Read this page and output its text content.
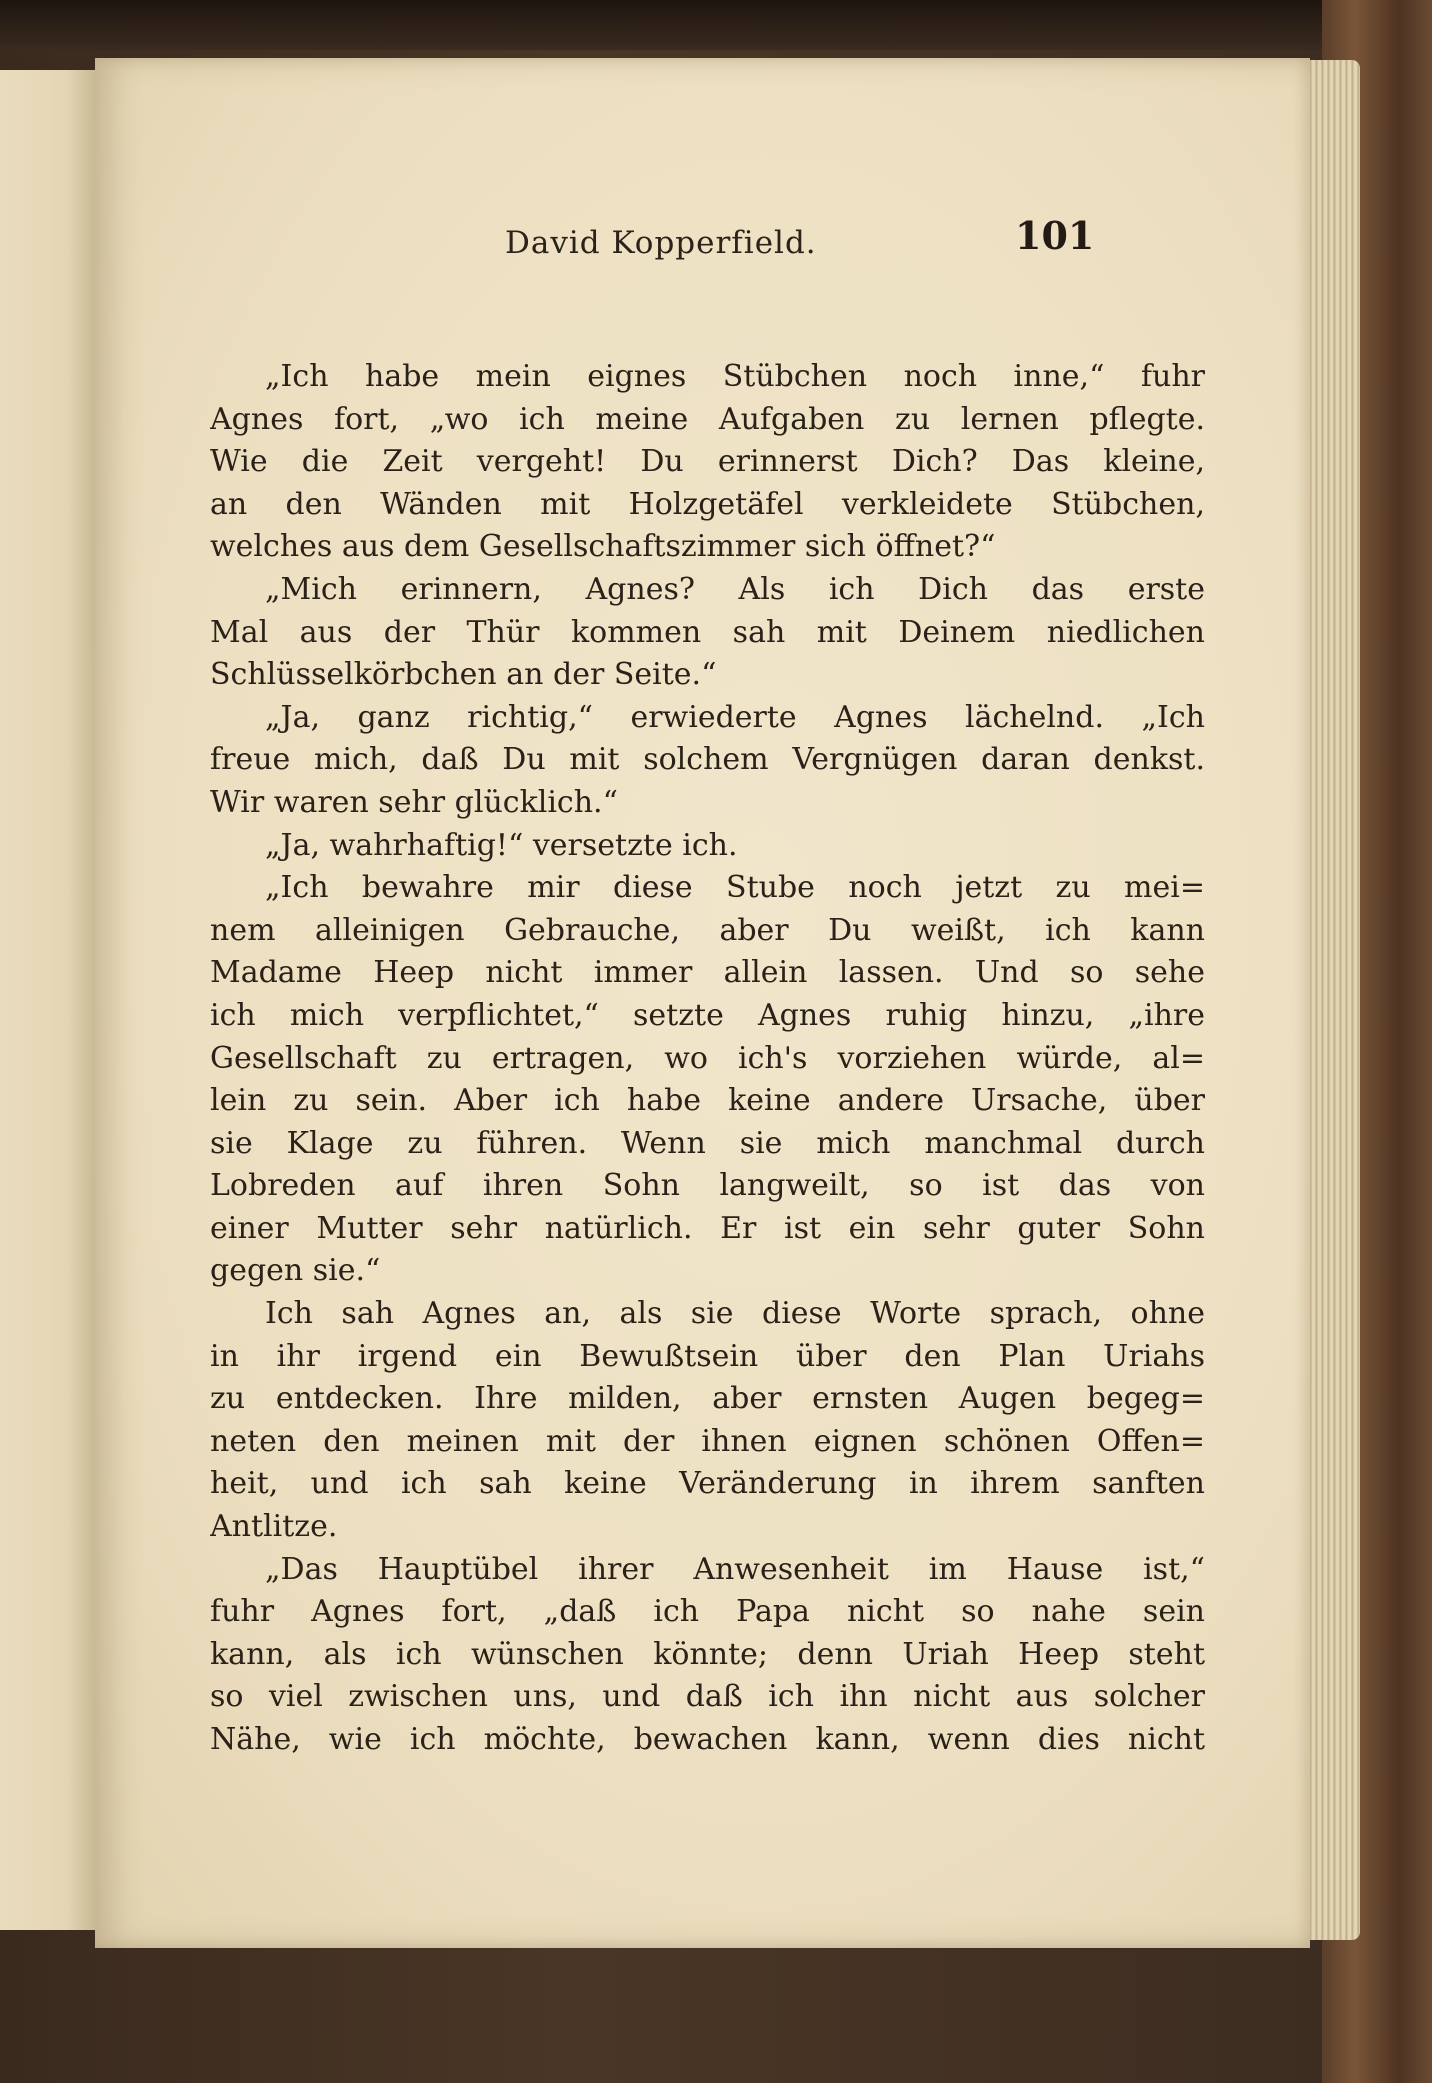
David Kopperfield.	101
„Ich habe mein eignes Stübchen noch inne,“ fuhr
Agnes fort, „wo ich meine Aufgaben zu lernen pflegte.
Wie die Zeit vergeht! Du erinnerst Dich? Das kleine,
an den Wänden mit Holzgetäfel verkleidete Stübchen,
welches aus dem Gesellschaftszimmer sich öffnet?“
„Mich erinnern, Agnes? Als ich Dich das erste
Mal aus der Thür kommen sah mit Deinem niedlichen
Schlüsselkörbchen an der Seite.“
„Ja, ganz richtig,“ erwiederte Agnes lächelnd. „Ich
freue mich, daß Du mit solchem Vergnügen daran denkst.
Wir waren sehr glücklich.“
„Ja, wahrhaftig!“ versetzte ich.
„Ich bewahre mir diese Stube noch jetzt zu mei=
nem alleinigen Gebrauche, aber Du weißt, ich kann
Madame Heep nicht immer allein lassen. Und so sehe
ich mich verpflichtet,“ setzte Agnes ruhig hinzu, „ihre
Gesellschaft zu ertragen, wo ich's vorziehen würde, al=
lein zu sein. Aber ich habe keine andere Ursache, über
sie Klage zu führen. Wenn sie mich manchmal durch
Lobreden auf ihren Sohn langweilt, so ist das von
einer Mutter sehr natürlich. Er ist ein sehr guter Sohn
gegen sie.“
Ich sah Agnes an, als sie diese Worte sprach, ohne
in ihr irgend ein Bewußtsein über den Plan Uriahs
zu entdecken. Ihre milden, aber ernsten Augen begeg=
neten den meinen mit der ihnen eignen schönen Offen=
heit, und ich sah keine Veränderung in ihrem sanften
Antlitze.
„Das Hauptübel ihrer Anwesenheit im Hause ist,“
fuhr Agnes fort, „daß ich Papa nicht so nahe sein
kann, als ich wünschen könnte; denn Uriah Heep steht
so viel zwischen uns, und daß ich ihn nicht aus solcher
Nähe, wie ich möchte, bewachen kann, wenn dies nicht
